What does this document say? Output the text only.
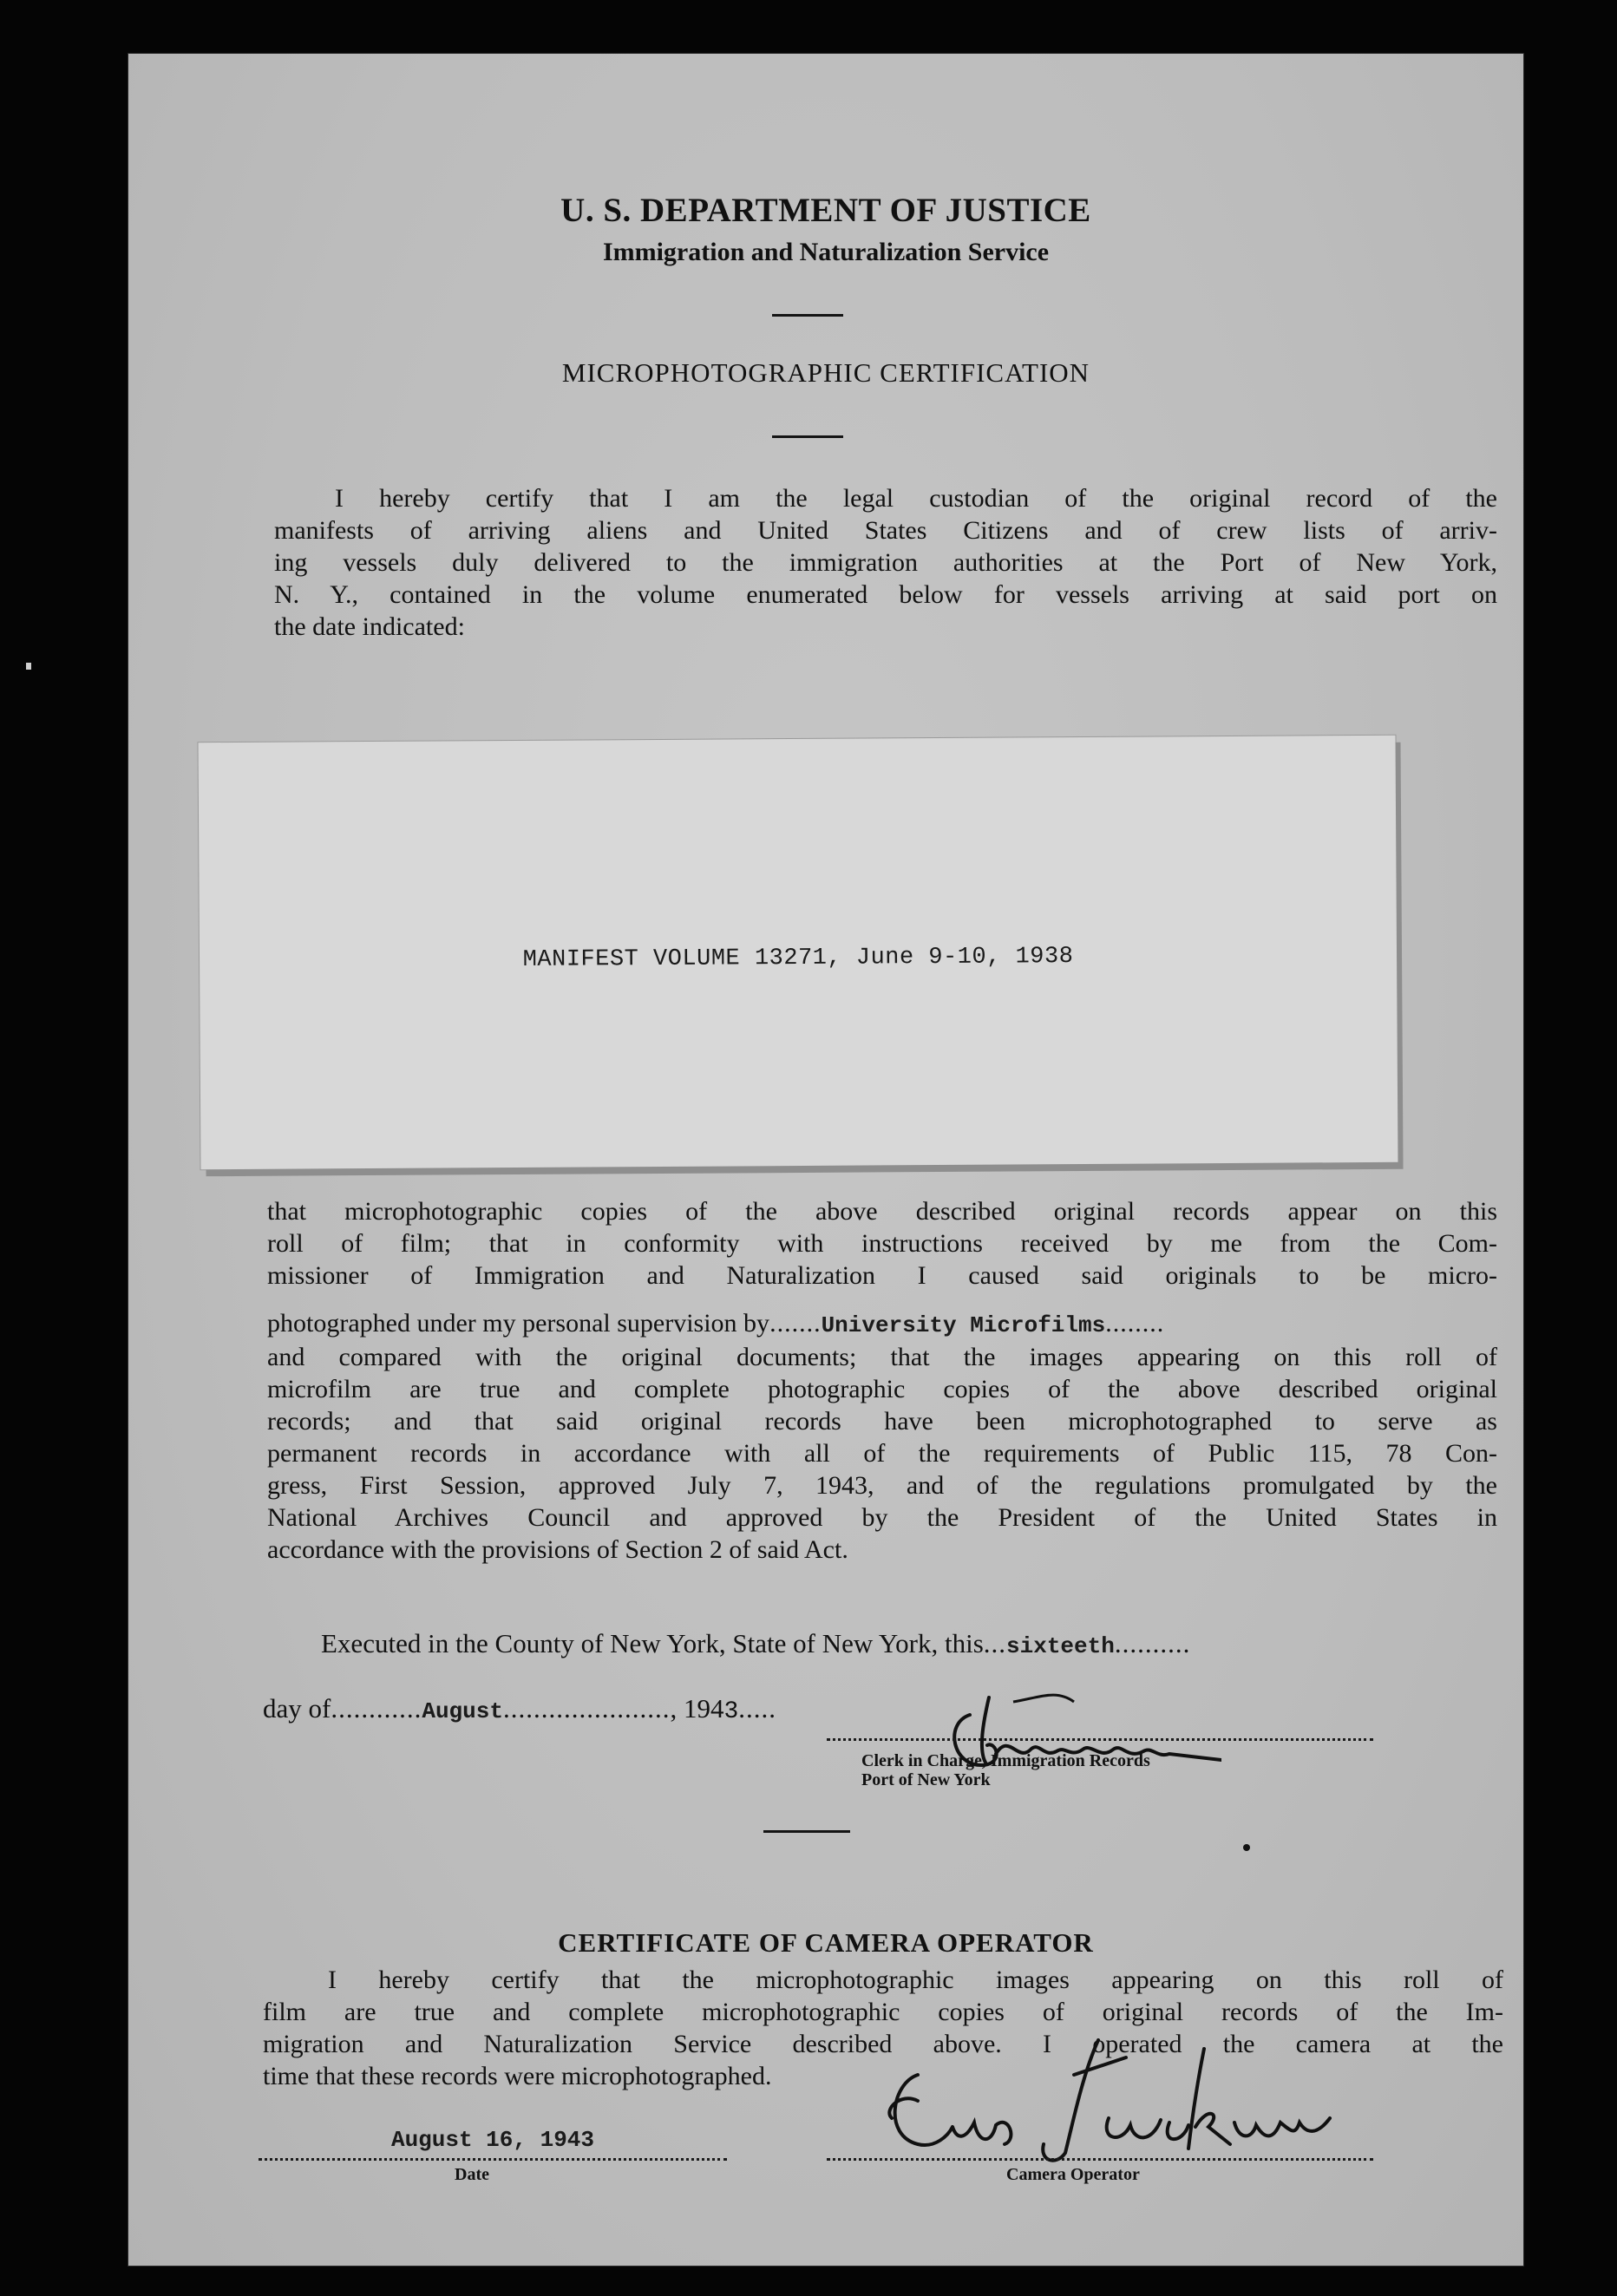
U. S. DEPARTMENT OF JUSTICE
Immigration and Naturalization Service
MICROPHOTOGRAPHIC CERTIFICATION
I hereby certify that I am the legal custodian of the original record of the
manifests of arriving aliens and United States Citizens and of crew lists of arriv-
ing vessels duly delivered to the immigration authorities at the Port of New York,
N. Y., contained in the volume enumerated below for vessels arriving at said port on
the date indicated:
MANIFEST VOLUME 13271, June 9-10, 1938
that microphotographic copies of the above described original records appear on this
roll of film; that in conformity with instructions received by me from the Com-
missioner of Immigration and Naturalization I caused said originals to be micro-
photographed under my personal supervision by.......University Microfilms........
and compared with the original documents; that the images appearing on this roll of
microfilm are true and complete photographic copies of the above described original
records; and that said original records have been microphotographed to serve as
permanent records in accordance with all of the requirements of Public 115, 78 Con-
gress, First Session, approved July 7, 1943, and of the regulations promulgated by the
National Archives Council and approved by the President of the United States in
accordance with the provisions of Section 2 of said Act.
Executed in the County of New York, State of New York, this...sixteeth..........
day of............August......................, 1943.....
Clerk in Charge, Immigration Records
Port of New York
CERTIFICATE OF CAMERA OPERATOR
I hereby certify that the microphotographic images appearing on this roll of
film are true and complete microphotographic copies of original records of the Im-
migration and Naturalization Service described above. I operated the camera at the
time that these records were microphotographed.
August 16, 1943
Date	Camera Operator
